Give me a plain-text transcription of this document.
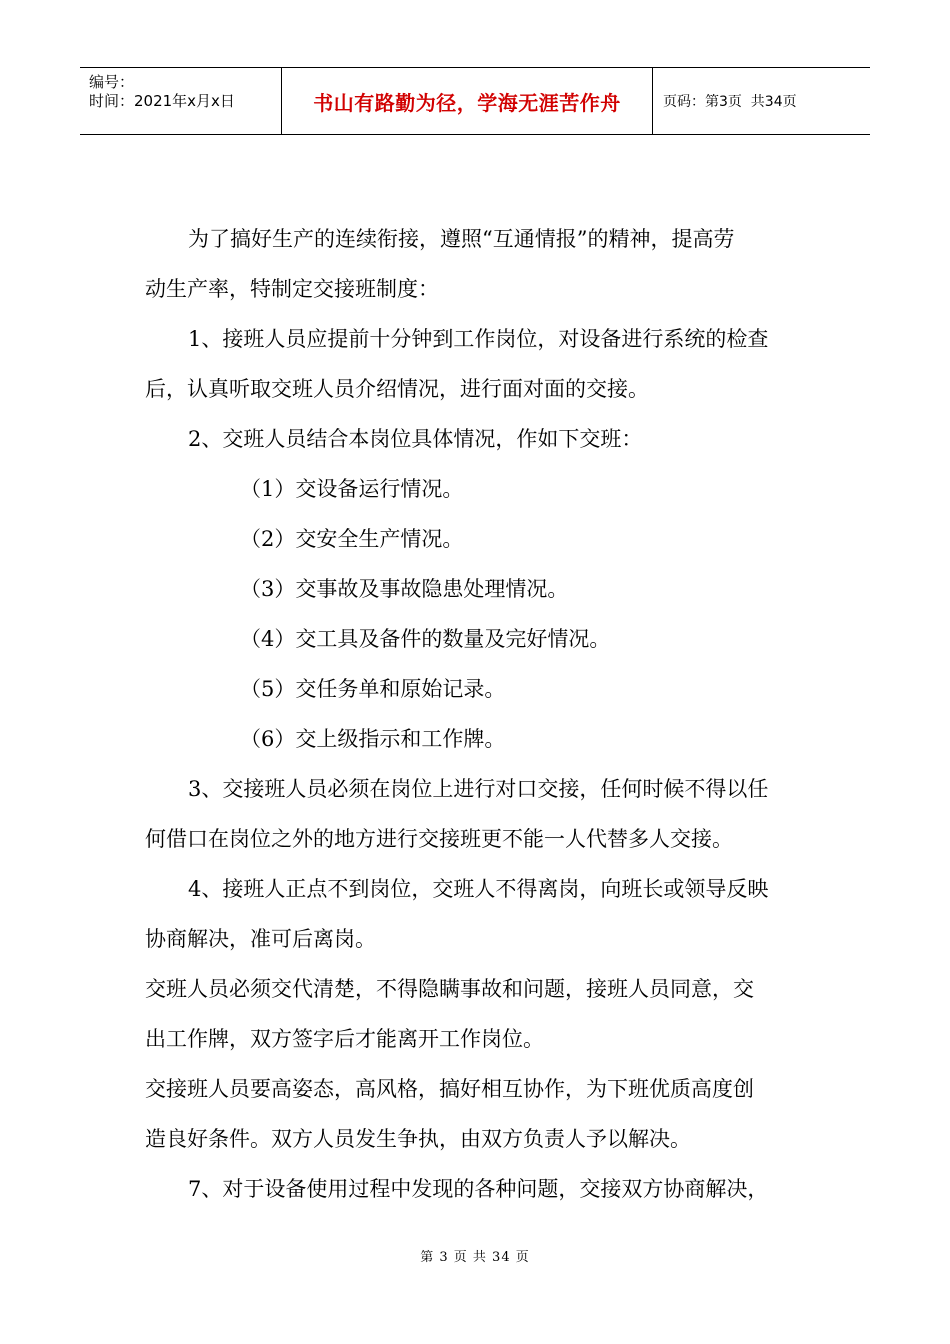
编号：
时间：2021年x月x日	书山有路勤为径，学海无涯苦作舟	页码：第3页  共34页

为了搞好生产的连续衔接，遵照“互通情报”的精神，提高劳

动生产率，特制定交接班制度：

1、接班人员应提前十分钟到工作岗位，对设备进行系统的检查

后，认真听取交班人员介绍情况，进行面对面的交接。

2、交班人员结合本岗位具体情况，作如下交班：

（1）交设备运行情况。

（2）交安全生产情况。

（3）交事故及事故隐患处理情况。

（4）交工具及备件的数量及完好情况。

（5）交任务单和原始记录。

（6）交上级指示和工作牌。

3、交接班人员必须在岗位上进行对口交接，任何时候不得以任

何借口在岗位之外的地方进行交接班更不能一人代替多人交接。

4、接班人正点不到岗位，交班人不得离岗，向班长或领导反映

协商解决，准可后离岗。

交班人员必须交代清楚，不得隐瞒事故和问题，接班人员同意，交

出工作牌，双方签字后才能离开工作岗位。

交接班人员要高姿态，高风格，搞好相互协作，为下班优质高度创

造良好条件。双方人员发生争执，由双方负责人予以解决。

7、对于设备使用过程中发现的各种问题，交接双方协商解决，

第 3 页 共 34 页
